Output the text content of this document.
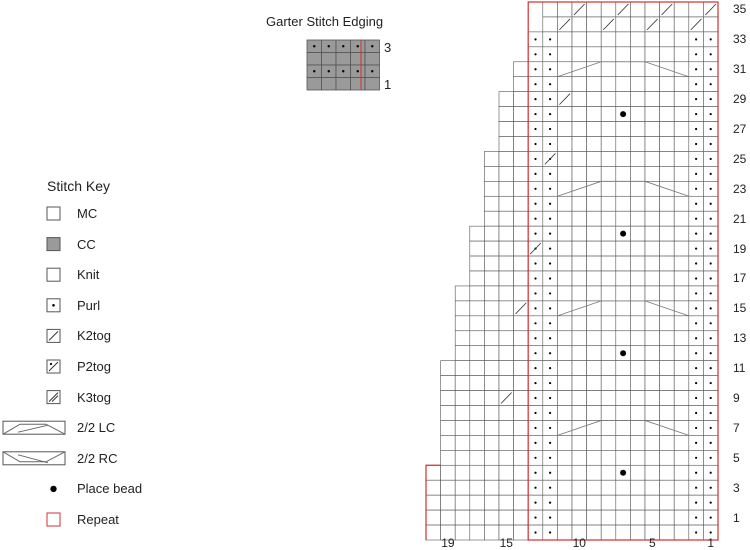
Garter Stitch Edging
3
1
Stitch Key
MC
CC
Knit
Purl
K2tog
P2tog
K3tog
2/2 LC
2/2 RC
Place bead
Repeat
35
33
31
29
27
25
23
21
19
17
15
13
11
9
7
5
3
1
19	15	10	5	1
